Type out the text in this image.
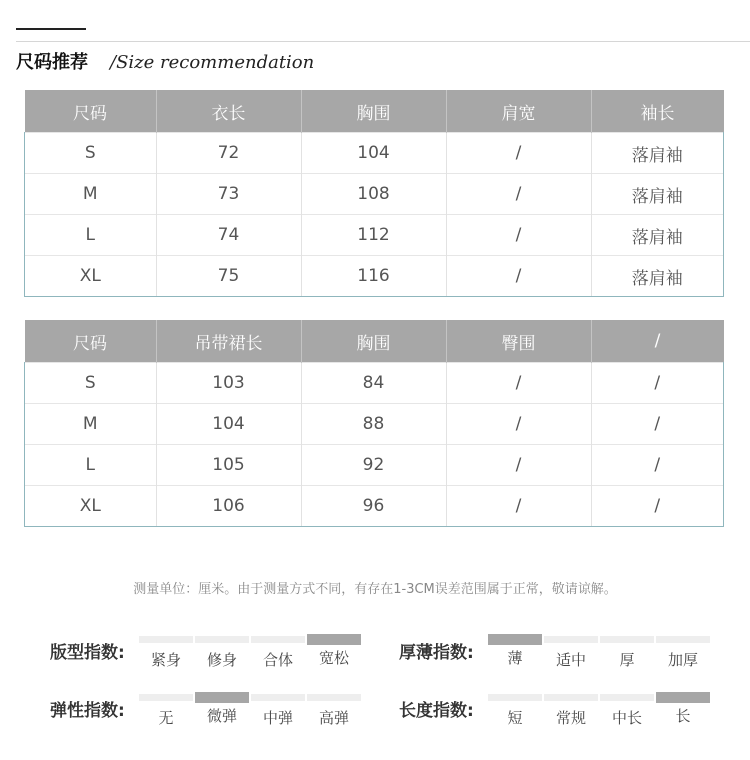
尺码推荐 /Size recommendation
尺码	衣长	胸围	肩宽	袖长
S	72	104	/	落肩袖
M	73	108	/	落肩袖
L	74	112	/	落肩袖
XL	75	116	/	落肩袖
尺码	吊带裙长	胸围	臀围	/
S	103	84	/	/
M	104	88	/	/
L	105	92	/	/
XL	106	96	/	/
测量单位：厘米。由于测量方式不同，有存在1-3CM误差范围属于正常，敬请谅解。
版型指数:	紧身	修身	合体	宽松	厚薄指数:	薄	适中	厚	加厚
弹性指数:	无	微弹	中弹	高弹	长度指数:	短	常规	中长	长
